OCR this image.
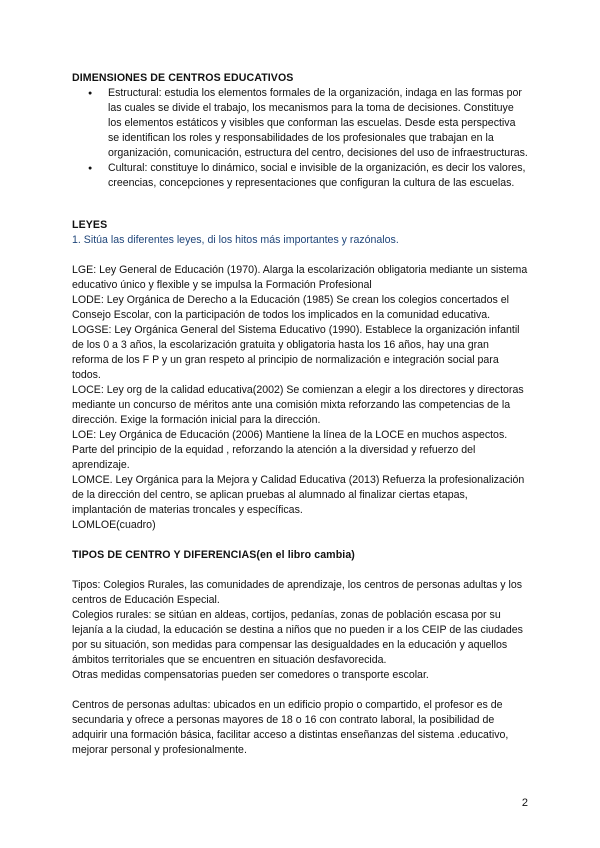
DIMENSIONES DE CENTROS EDUCATIVOS
● Estructural: estudia los elementos formales de la organización, indaga en las formas por las cuales se divide el trabajo, los mecanismos para la toma de decisiones. Constituye los elementos estáticos y visibles que conforman las escuelas. Desde esta perspectiva se identifican los roles y responsabilidades de los profesionales que trabajan en la organización, comunicación, estructura del centro, decisiones del uso de infraestructuras.
● Cultural: constituye lo dinámico, social e invisible de la organización, es decir los valores, creencias, concepciones y representaciones que configuran la cultura de las escuelas.
LEYES

1. Sitúa las diferentes leyes, di los hitos más importantes y razónalos.

LGE: Ley General de Educación (1970). Alarga la escolarización obligatoria mediante un sistema educativo único y flexible y se impulsa la Formación Profesional

LODE: Ley Orgánica de Derecho a la Educación (1985) Se crean los colegios concertados el Consejo Escolar, con la participación de todos los implicados en la comunidad educativa.

LOGSE: Ley Orgánica General del Sistema Educativo (1990). Establece la organización infantil de los 0 a 3 años, la escolarización gratuita y obligatoria hasta los 16 años, hay una gran reforma de los F P y un gran respeto al principio de normalización e integración social para todos.

LOCE: Ley org de la calidad educativa(2002) Se comienzan a elegir a los directores y directoras mediante un concurso de méritos ante una comisión mixta reforzando las competencias de la dirección. Exige la formación inicial para la dirección.

LOE: Ley Orgánica de Educación (2006) Mantiene la línea de la LOCE en muchos aspectos. Parte del principio de la equidad , reforzando la atención a la diversidad y refuerzo del aprendizaje.

LOMCE. Ley Orgánica para la Mejora y Calidad Educativa (2013) Refuerza la profesionalización de la dirección del centro, se aplican pruebas al alumnado al finalizar ciertas etapas, implantación de materias troncales y específicas.

LOMLOE(cuadro)

TIPOS DE CENTRO Y DIFERENCIAS(en el libro cambia)

Tipos: Colegios Rurales, las comunidades de aprendizaje, los centros de personas adultas y los centros de Educación Especial.

Colegios rurales: se sitúan en aldeas, cortijos, pedanías, zonas de población escasa por su lejanía a la ciudad, la educación se destina a niños que no pueden ir a los CEIP de las ciudades por su situación, son medidas para compensar las desigualdades en la educación y aquellos ámbitos territoriales que se encuentren en situación desfavorecida.

Otras medidas compensatorias pueden ser comedores o transporte escolar.

Centros de personas adultas: ubicados en un edificio propio o compartido, el profesor es de secundaria y ofrece a personas mayores de 18 o 16 con contrato laboral, la posibilidad de adquirir una formación básica, facilitar acceso a distintas enseñanzas del sistema .educativo, mejorar personal y profesionalmente.

2
